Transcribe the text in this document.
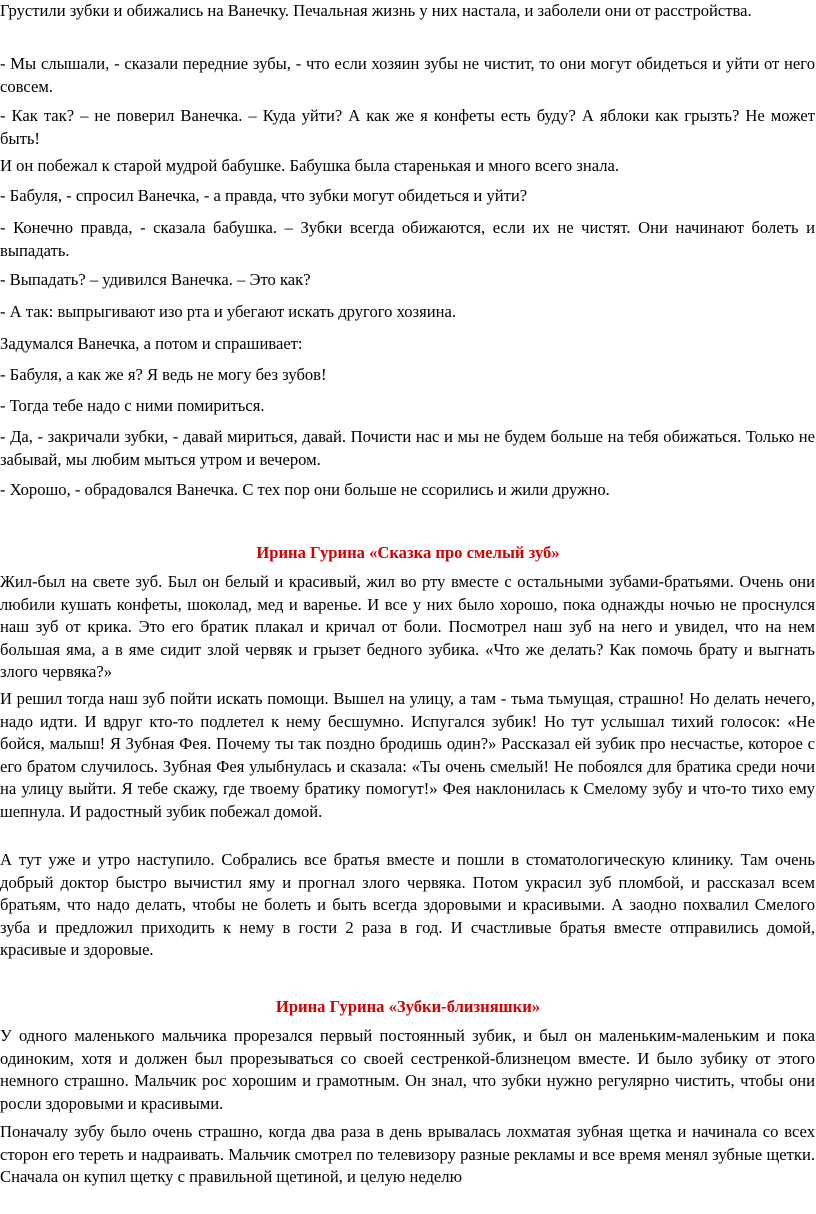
Грустили зубки и обижались на Ванечку. Печальная жизнь у них настала, и заболели они от расстройства.

- Мы слышали, - сказали передние зубы, - что если хозяин зубы не чистит, то они могут обидеться и уйти от него совсем.

- Как так? – не поверил Ванечка. – Куда уйти? А как же я конфеты есть буду? А яблоки как грызть? Не может быть!

И он побежал к старой мудрой бабушке. Бабушка была старенькая и много всего знала.

- Бабуля, - спросил Ванечка, - а правда, что зубки могут обидеться и уйти?

- Конечно правда, - сказала бабушка. – Зубки всегда обижаются, если их не чистят. Они начинают болеть и выпадать.

- Выпадать? – удивился Ванечка. – Это как?

- А так: выпрыгивают изо рта и убегают искать другого хозяина.

Задумался Ванечка, а потом и спрашивает:

- Бабуля, а как же я? Я ведь не могу без зубов!

- Тогда тебе надо с ними помириться.

- Да, - закричали зубки, - давай мириться, давай. Почисти нас и мы не будем больше на тебя обижаться. Только не забывай, мы любим мыться утром и вечером.

- Хорошо, - обрадовался Ванечка. С тех пор они больше не ссорились и жили дружно.

Ирина Гурина «Сказка про смелый зуб»

Жил-был на свете зуб. Был он белый и красивый, жил во рту вместе с остальными зубами-братьями. Очень они любили кушать конфеты, шоколад, мед и варенье. И все у них было хорошо, пока однажды ночью не проснулся наш зуб от крика. Это его братик плакал и кричал от боли. Посмотрел наш зуб на него и увидел, что на нем большая яма, а в яме сидит злой червяк и грызет бедного зубика. «Что же делать? Как помочь брату и выгнать злого червяка?»

И решил тогда наш зуб пойти искать помощи. Вышел на улицу, а там - тьма тьмущая, страшно! Но делать нечего, надо идти. И вдруг кто-то подлетел к нему бесшумно. Испугался зубик! Но тут услышал тихий голосок: «Не бойся, малыш! Я Зубная Фея. Почему ты так поздно бродишь один?» Рассказал ей зубик про несчастье, которое с его братом случилось. Зубная Фея улыбнулась и сказала: «Ты очень смелый! Не побоялся для братика среди ночи на улицу выйти. Я тебе скажу, где твоему братику помогут!» Фея наклонилась к Смелому зубу и что-то тихо ему шепнула. И радостный зубик побежал домой.

А тут уже и утро наступило. Собрались все братья вместе и пошли в стоматологическую клинику. Там очень добрый доктор быстро вычистил яму и прогнал злого червяка. Потом украсил зуб пломбой, и рассказал всем братьям, что надо делать, чтобы не болеть и быть всегда здоровыми и красивыми. А заодно похвалил Смелого зуба и предложил приходить к нему в гости 2 раза в год. И счастливые братья вместе отправились домой, красивые и здоровые.

Ирина Гурина «Зубки-близняшки»

У одного маленького мальчика прорезался первый постоянный зубик, и был он маленьким-маленьким и пока одиноким, хотя и должен был прорезываться со своей сестренкой-близнецом вместе. И было зубику от этого немного страшно. Мальчик рос хорошим и грамотным. Он знал, что зубки нужно регулярно чистить, чтобы они росли здоровыми и красивыми.

Поначалу зубу было очень страшно, когда два раза в день врывалась лохматая зубная щетка и начинала со всех сторон его тереть и надраивать. Мальчик смотрел по телевизору разные рекламы и все время менял зубные щетки. Сначала он купил щетку с правильной щетиной, и целую неделю
